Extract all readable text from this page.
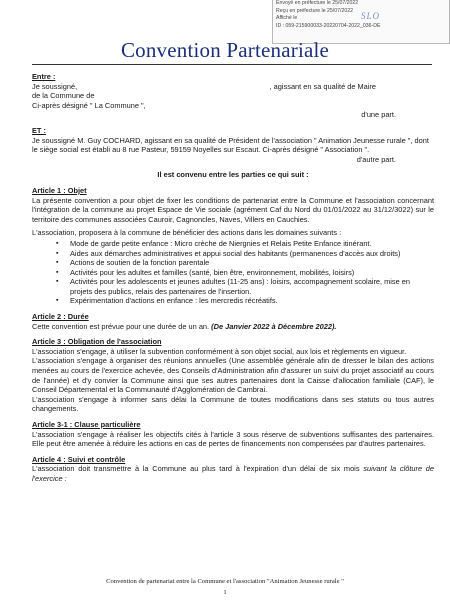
Envoyé en préfecture le 25/07/2022
Reçu en préfecture le 25/07/2022
Affiché le
ID : 059-215900033-20220704-2022_036-DE
SLO
Convention Partenariale

Entre :

Je soussigné,	, agissant en sa qualité de Maire

de la Commune de

Ci-après désigné " La Commune ",

d'une part.

ET :

Je soussigné M. Guy COCHARD, agissant en sa qualité de Président de l'association " Animation Jeunesse rurale ", dont le siège social est établi au 8 rue Pasteur, 59159 Noyelles sur Escaut. Ci-après désigné " Association ".

d'autre part.

Il est convenu entre les parties ce qui suit :

Article 1 : Objet

La présente convention a pour objet de fixer les conditions de partenariat entre la Commune et l'association concernant l'intégration de la commune au projet Espace de Vie sociale (agrément Caf du Nord du 01/01/2022 au 31/12/3022) sur le territoire des communes associées Cauroir, Cagnoncles, Naves, Villers en Cauchies.

L'association, proposera à la commune de bénéficier des actions dans les domaines suivants :

▪ Mode de garde petite enfance : Micro crèche de Niergnies et Relais Petite Enfance itinérant.
▪ Aides aux démarches administratives et appui social des habitants (permanences d'accès aux droits)
▪ Actions de soutien de la fonction parentale
▪ Activités pour les adultes et familles (santé, bien être, environnement, mobilités, loisirs)
▪ Activités pour les adolescents et jeunes adultes (11-25 ans) : loisirs, accompagnement scolaire, mise en projets des publics, relais des partenaires de l'insertion.
▪ Expérimentation d'actions en enfance : les mercredis récréatifs.

Article 2 : Durée

Cette convention est prévue pour une durée de un an. (De Janvier 2022 à Décembre 2022).

Article 3 : Obligation de l'association

L'association s'engage, à utiliser la subvention conformément à son objet social, aux lois et règlements en vigueur.

L'association s'engage à organiser des réunions annuelles (Une assemblée générale afin de dresser le bilan des actions menées au cours de l'exercice achevée, des Conseils d'Administration afin d'assurer un suivi du projet associatif au cours de l'année) et d'y convier la Commune ainsi que ses autres partenaires dont la Caisse d'allocation familiale (CAF), le Conseil Départemental et la Communauté d'Agglomération de Cambrai.

L'association s'engage à informer sans délai la Commune de toutes modifications dans ses statuts ou tous autres changements.

Article 3-1 : Clause particulière

L'association s'engage à réaliser les objectifs cités à l'article 3 sous réserve de subventions suffisantes des partenaires. Elle peut être amenée à réduire les actions en cas de pertes de financements non compensées par d'autres partenaires.

Article 4 : Suivi et contrôle

L'association doit transmettre à la Commune au plus tard à l'expiration d'un délai de six mois suivant la clôture de l'exercice :

Convention de partenariat entre la Commune et l'association "Animation Jeunesse rurale "
1
